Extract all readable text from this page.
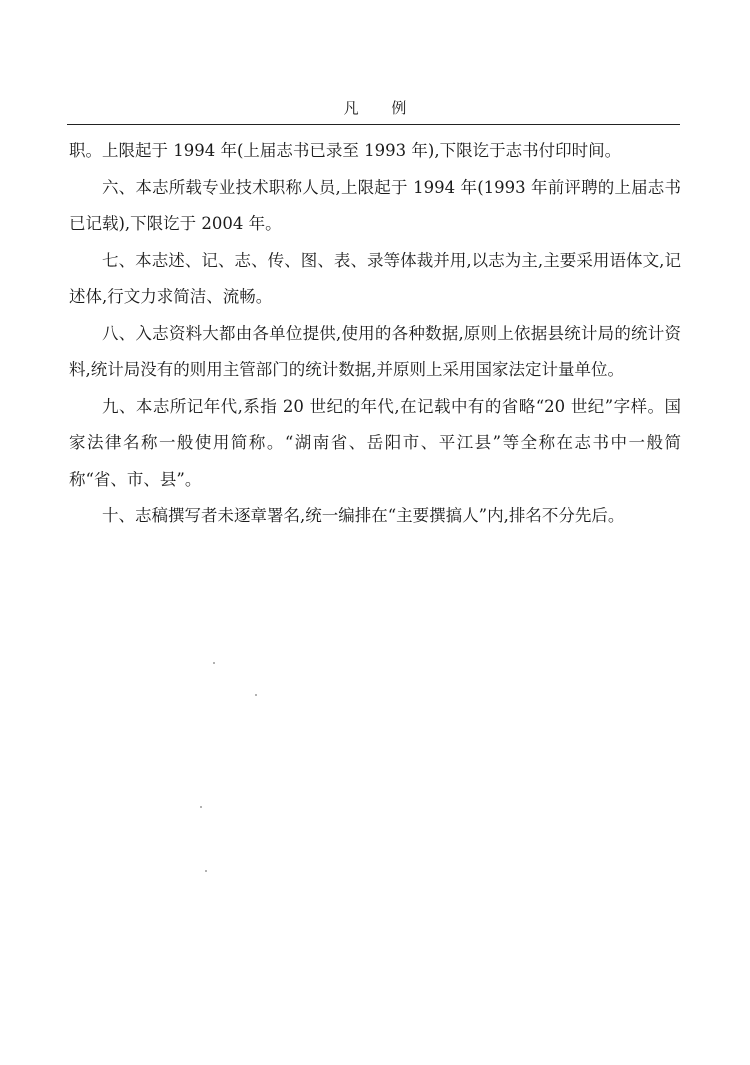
凡 例

职。上限起于 1994 年(上届志书已录至 1993 年),下限讫于志书付印时间。

六、本志所载专业技术职称人员,上限起于 1994 年(1993 年前评聘的上届志书已记载),下限讫于 2004 年。

七、本志述、记、志、传、图、表、录等体裁并用,以志为主,主要采用语体文,记述体,行文力求简洁、流畅。

八、入志资料大都由各单位提供,使用的各种数据,原则上依据县统计局的统计资料,统计局没有的则用主管部门的统计数据,并原则上采用国家法定计量单位。

九、本志所记年代,系指 20 世纪的年代,在记载中有的省略“20 世纪”字样。国家法律名称一般使用简称。“湖南省、岳阳市、平江县”等全称在志书中一般简称“省、市、县”。

十、志稿撰写者未逐章署名,统一编排在“主要撰搞人”内,排名不分先后。
